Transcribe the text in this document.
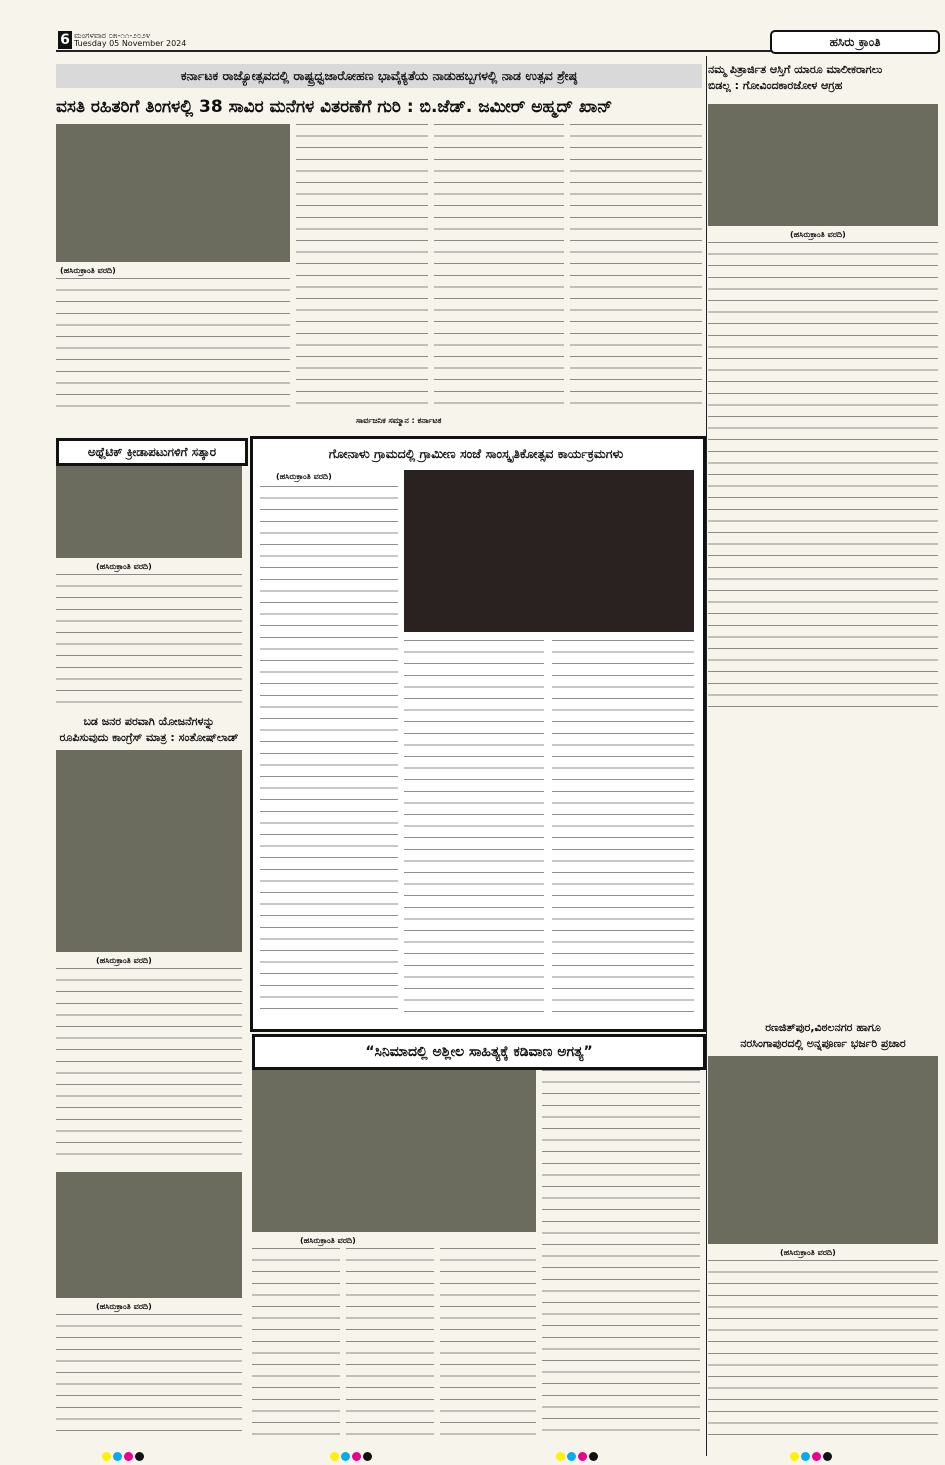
6 ಮಂಗಳವಾರ ೦೫-೧೧-೨೦೨೪
Tuesday 05 November 2024	ಹಸಿರು ಕ್ರಾಂತಿ
ಕರ್ನಾಟಕ ರಾಜ್ಯೋತ್ಸವದಲ್ಲಿ ರಾಷ್ಟ್ರಧ್ವಜಾರೋಹಣ ಭಾವೈಕ್ಯತೆಯ ನಾಡುಹಬ್ಬಗಳಲ್ಲಿ ನಾಡ ಉತ್ಸವ ಶ್ರೇಷ್ಠ
ವಸತಿ ರಹಿತರಿಗೆ ತಿಂಗಳಲ್ಲಿ 38 ಸಾವಿರ ಮನೆಗಳ ವಿತರಣೆಗೆ ಗುರಿ : ಬಿ.ಜೆಡ್. ಜಮೀರ್ ಅಹ್ಮದ್ ಖಾನ್
(ಹಸಿರುಕ್ರಾಂತಿ ವರದಿ)
ಸಾರ್ವಜನಿಕ ಸಮ್ಮಾನ : ಕರ್ನಾಟಕ
ನಮ್ಮ ಪಿತ್ರಾರ್ಜಿತ ಆಸ್ತಿಗೆ ಯಾರೂ ಮಾಲೀಕರಾಗಲು
ಬಿಡಲ್ಲ : ಗೋವಿಂದಕಾರಜೋಳ ಆಗ್ರಹ
(ಹಸಿರುಕ್ರಾಂತಿ ವರದಿ)
ಅಥ್ಲೆಟಿಕ್ ಕ್ರೀಡಾಪಟುಗಳಿಗೆ ಸತ್ಕಾರ
(ಹಸಿರುಕ್ರಾಂತಿ ವರದಿ)
ಬಡ ಜನರ ಪರವಾಗಿ ಯೋಜನೆಗಳನ್ನು
ರೂಪಿಸುವುದು ಕಾಂಗ್ರೆಸ್ ಮಾತ್ರ : ಸಂತೋಷ್‌ಲಾಡ್
(ಹಸಿರುಕ್ರಾಂತಿ ವರದಿ)
ಗೋನಾಳು ಗ್ರಾಮದಲ್ಲಿ ಗ್ರಾಮೀಣ ಸಂಜೆ ಸಾಂಸ್ಕೃತಿಕೋತ್ಸವ ಕಾರ್ಯಕ್ರಮಗಳು
(ಹಸಿರುಕ್ರಾಂತಿ ವರದಿ)
“ಸಿನಿಮಾದಲ್ಲಿ ಅಶ್ಲೀಲ ಸಾಹಿತ್ಯಕ್ಕೆ ಕಡಿವಾಣ ಅಗತ್ಯ”
(ಹಸಿರುಕ್ರಾಂತಿ ವರದಿ)
ರಣಜಿತ್‌ಪುರ,ವಿಠಲನಗರ ಹಾಗೂ
ನರಸಿಂಗಾಪುರದಲ್ಲಿ ಅನ್ನಪೂರ್ಣ ಭರ್ಜರಿ ಪ್ರಚಾರ
(ಹಸಿರುಕ್ರಾಂತಿ ವರದಿ)
(ಹಸಿರುಕ್ರಾಂತಿ ವರದಿ)
